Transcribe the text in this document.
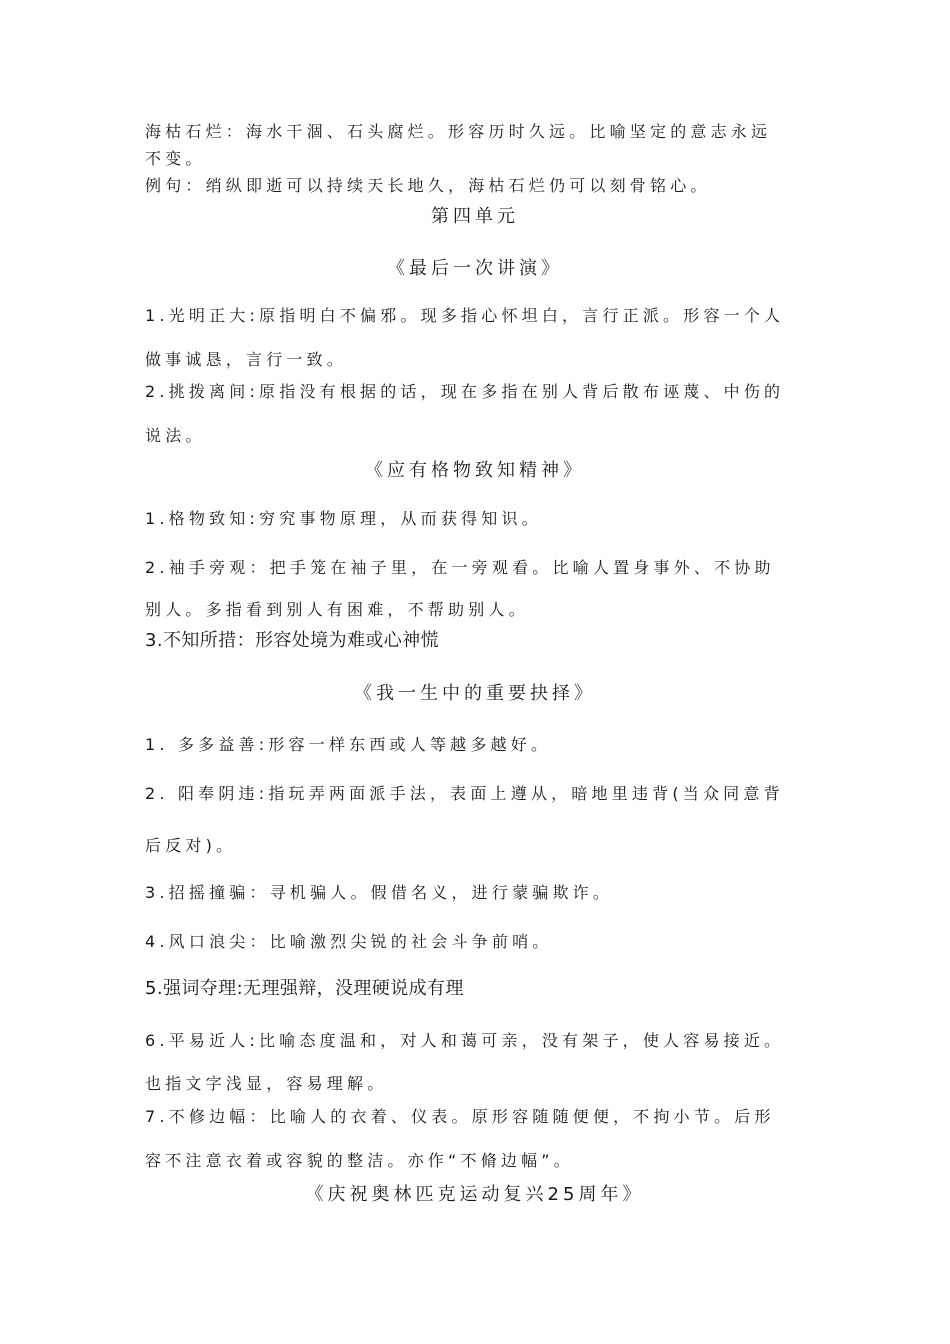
海枯石烂：海水干涸、石头腐烂。形容历时久远。比喻坚定的意志永远
不变。
例句：绡纵即逝可以持续天长地久，海枯石烂仍可以刻骨铭心。
第四单元
《最后一次讲演》
1.光明正大:原指明白不偏邪。现多指心怀坦白，言行正派。形容一个人
做事诚恳，言行一致。
2.挑拨离间:原指没有根据的话，现在多指在别人背后散布诬蔑、中伤的
说法。
《应有格物致知精神》
1.格物致知:穷究事物原理，从而获得知识。
2.袖手旁观：把手笼在袖子里，在一旁观看。比喻人置身事外、不协助
别人。多指看到别人有困难，不帮助别人。
3.不知所措：形容处境为难或心神慌
《我一生中的重要抉择》
1. 多多益善:形容一样东西或人等越多越好。
2. 阳奉阴违:指玩弄两面派手法，表面上遵从，暗地里违背(当众同意背
后反对)。
3.招摇撞骗：寻机骗人。假借名义，进行蒙骗欺诈。
4.风口浪尖：比喻激烈尖锐的社会斗争前哨。
5.强词夺理:无理强辩，没理硬说成有理
6.平易近人:比喻态度温和，对人和蔼可亲，没有架子，使人容易接近。
也指文字浅显，容易理解。
7.不修边幅：比喻人的衣着、仪表。原形容随随便便，不拘小节。后形
容不注意衣着或容貌的整洁。亦作“不脩边幅”。
《庆祝奥林匹克运动复兴25周年》
